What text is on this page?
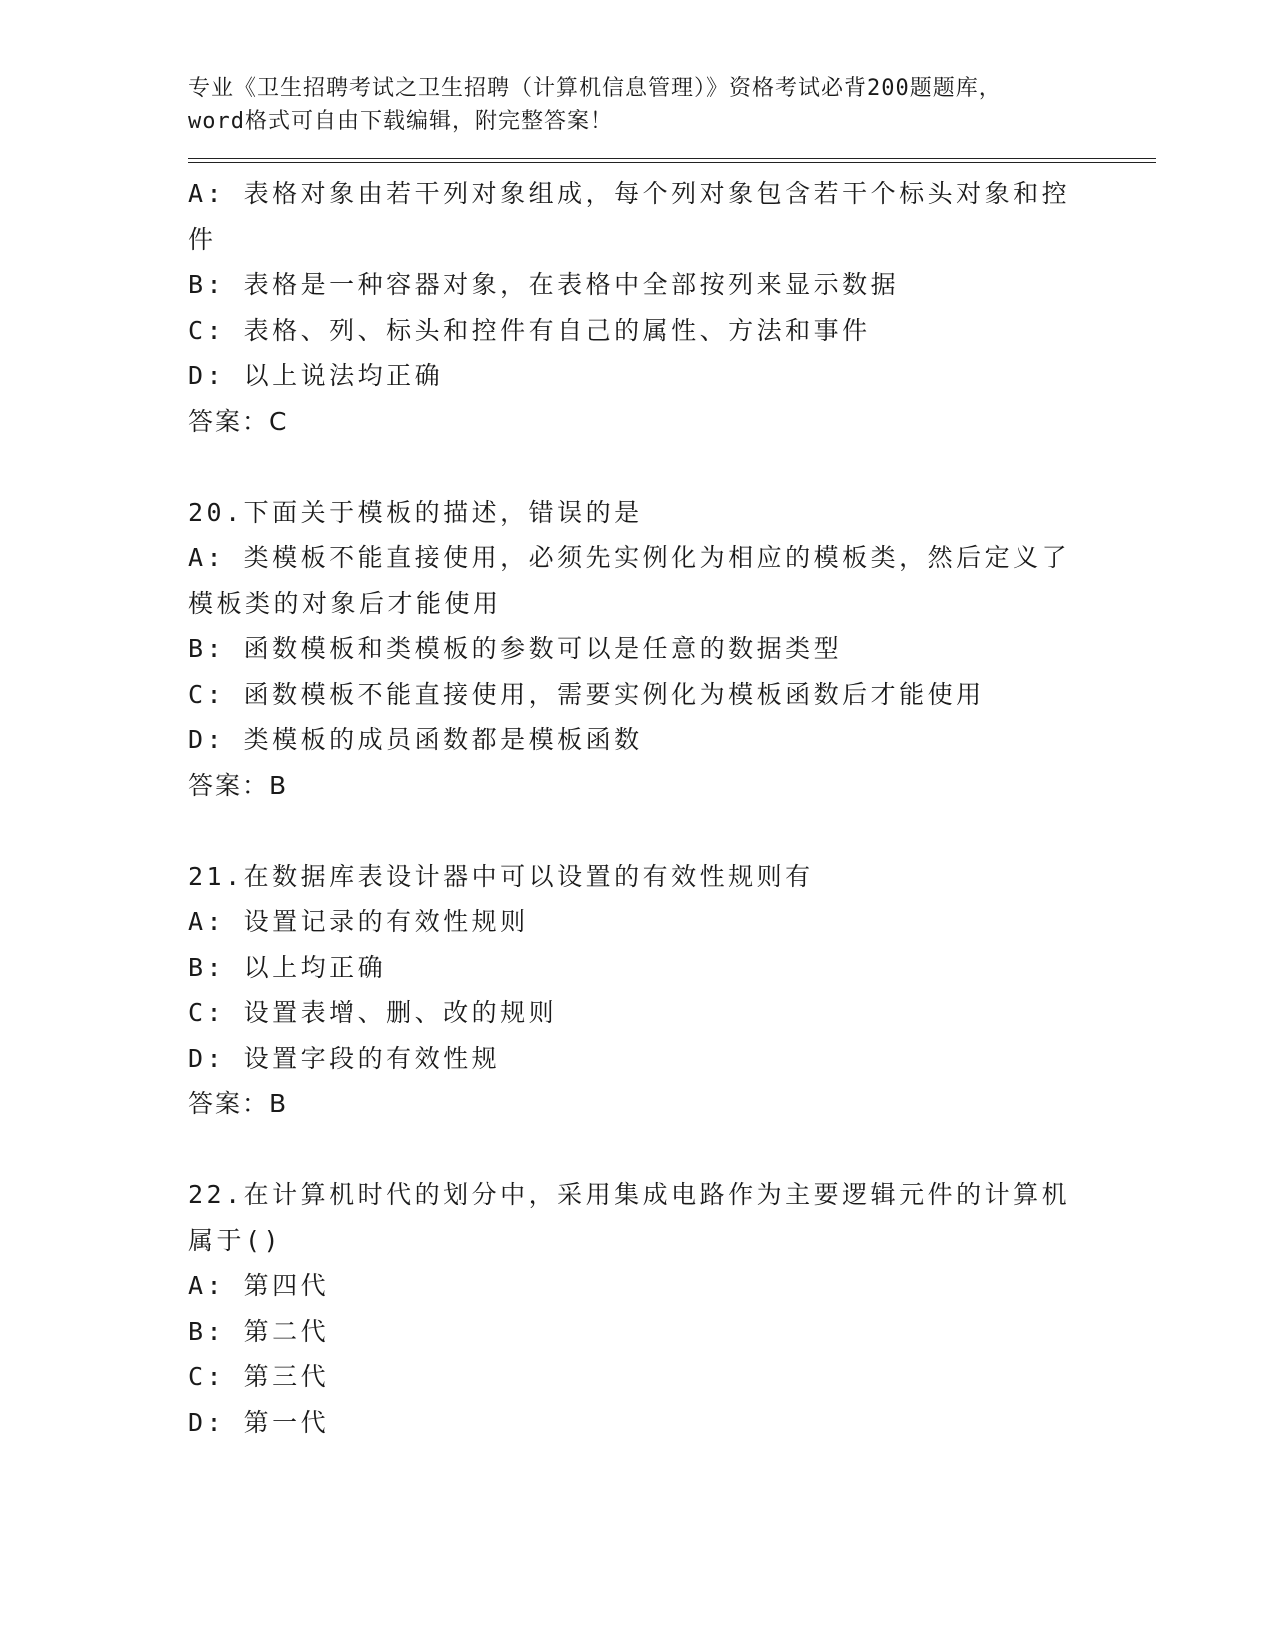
专业《卫生招聘考试之卫生招聘（计算机信息管理）》资格考试必背200题题库，
word格式可自由下载编辑，附完整答案！
A: 表格对象由若干列对象组成，每个列对象包含若干个标头对象和控
件
B: 表格是一种容器对象，在表格中全部按列来显示数据
C: 表格、列、标头和控件有自己的属性、方法和事件
D: 以上说法均正确
答案：C
20.下面关于模板的描述，错误的是
A: 类模板不能直接使用，必须先实例化为相应的模板类，然后定义了
模板类的对象后才能使用
B: 函数模板和类模板的参数可以是任意的数据类型
C: 函数模板不能直接使用，需要实例化为模板函数后才能使用
D: 类模板的成员函数都是模板函数
答案：B
21.在数据库表设计器中可以设置的有效性规则有
A: 设置记录的有效性规则
B: 以上均正确
C: 设置表增、删、改的规则
D: 设置字段的有效性规
答案：B
22.在计算机时代的划分中，采用集成电路作为主要逻辑元件的计算机
属于()
A: 第四代
B: 第二代
C: 第三代
D: 第一代
